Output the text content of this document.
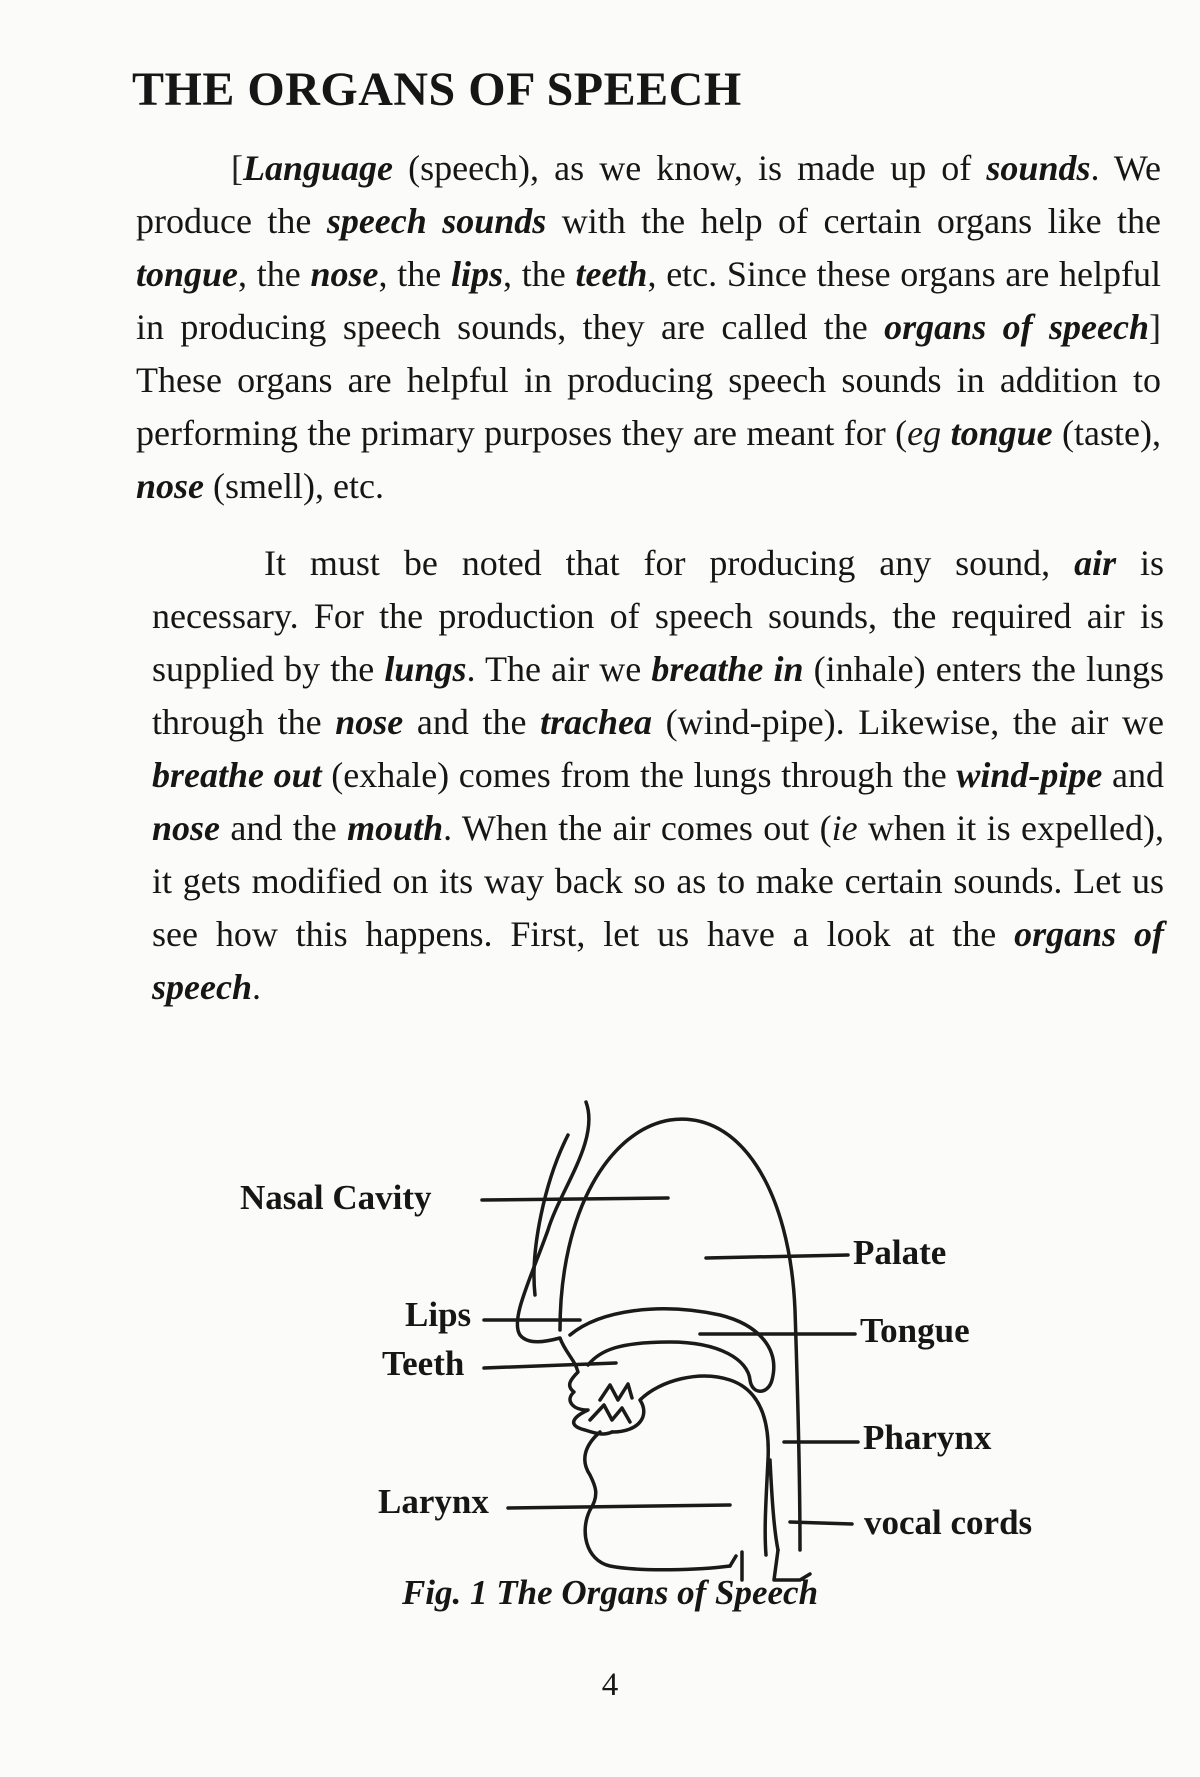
THE ORGANS OF SPEECH

[Language (speech), as we know, is made up of sounds. We produce the speech sounds with the help of certain organs like the tongue, the nose, the lips, the teeth, etc. Since these organs are helpful in producing speech sounds, they are called the organs of speech] These organs are helpful in producing speech sounds in addition to performing the primary purposes they are meant for (eg tongue (taste), nose (smell), etc.

It must be noted that for producing any sound, air is necessary. For the production of speech sounds, the required air is supplied by the lungs. The air we breathe in (inhale) enters the lungs through the nose and the trachea (wind-pipe). Likewise, the air we breathe out (exhale) comes from the lungs through the wind-pipe and nose and the mouth. When the air comes out (ie when it is expelled), it gets modified on its way back so as to make certain sounds. Let us see how this happens. First, let us have a look at the organs of speech.

Nasal Cavity
Palate
Lips	Tongue
Teeth
Pharynx
Larynx
vocal cords
Fig. 1 The Organs of Speech
4
